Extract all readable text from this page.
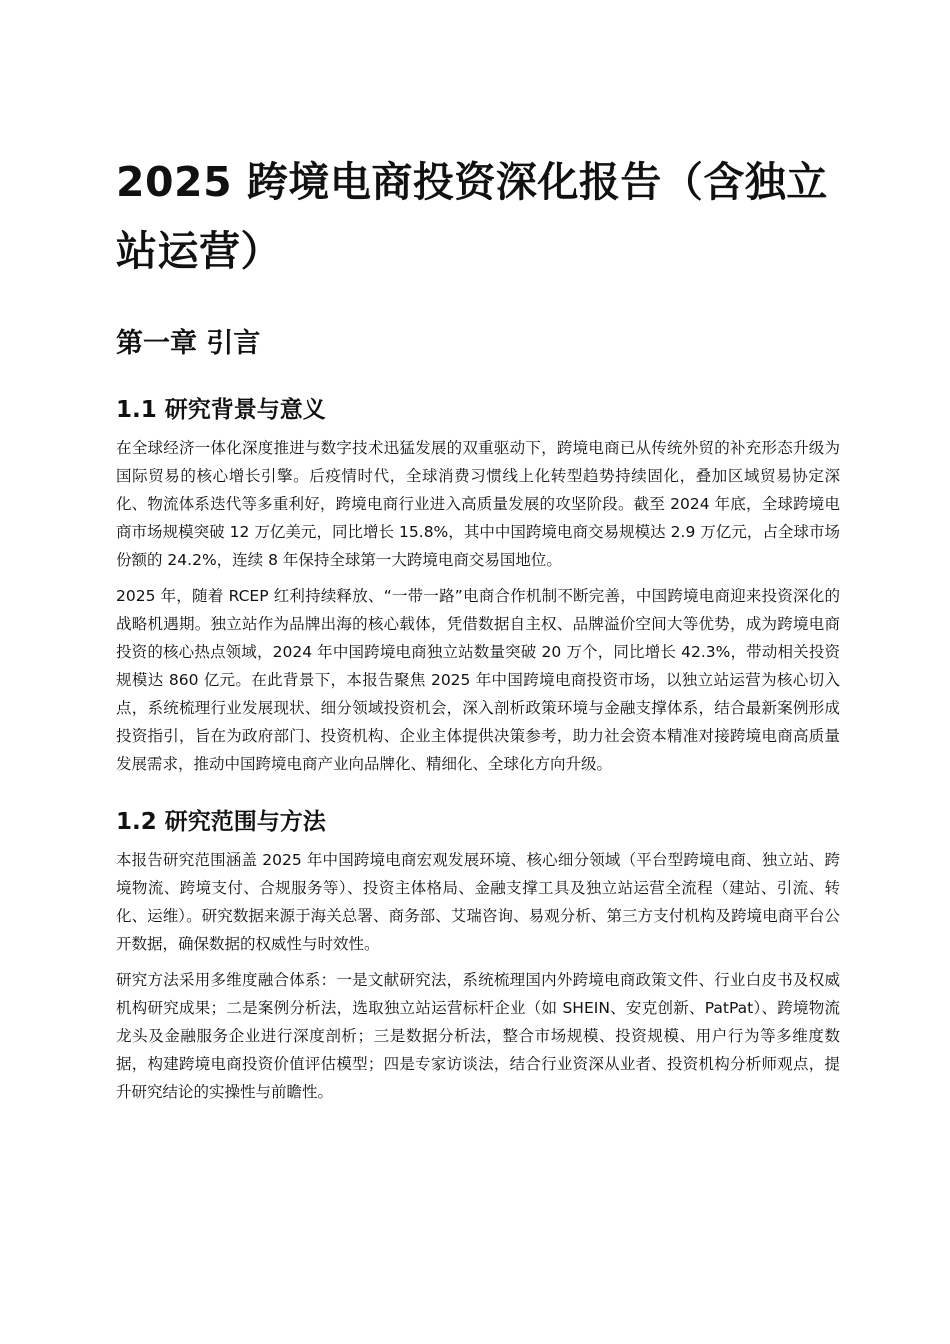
2025 跨境电商投资深化报告（含独立站运营）
第一章 引言
1.1 研究背景与意义

在全球经济一体化深度推进与数字技术迅猛发展的双重驱动下，跨境电商已从传统外贸的补充形态升级为国际贸易的核心增长引擎。后疫情时代，全球消费习惯线上化转型趋势持续固化，叠加区域贸易协定深化、物流体系迭代等多重利好，跨境电商行业进入高质量发展的攻坚阶段。截至 2024 年底，全球跨境电商市场规模突破 12 万亿美元，同比增长 15.8%，其中中国跨境电商交易规模达 2.9 万亿元，占全球市场份额的 24.2%，连续 8 年保持全球第一大跨境电商交易国地位。

2025 年，随着 RCEP 红利持续释放、“一带一路”电商合作机制不断完善，中国跨境电商迎来投资深化的战略机遇期。独立站作为品牌出海的核心载体，凭借数据自主权、品牌溢价空间大等优势，成为跨境电商投资的核心热点领域，2024 年中国跨境电商独立站数量突破 20 万个，同比增长 42.3%，带动相关投资规模达 860 亿元。在此背景下，本报告聚焦 2025 年中国跨境电商投资市场，以独立站运营为核心切入点，系统梳理行业发展现状、细分领域投资机会，深入剖析政策环境与金融支撑体系，结合最新案例形成投资指引，旨在为政府部门、投资机构、企业主体提供决策参考，助力社会资本精准对接跨境电商高质量发展需求，推动中国跨境电商产业向品牌化、精细化、全球化方向升级。

1.2 研究范围与方法

本报告研究范围涵盖 2025 年中国跨境电商宏观发展环境、核心细分领域（平台型跨境电商、独立站、跨境物流、跨境支付、合规服务等）、投资主体格局、金融支撑工具及独立站运营全流程（建站、引流、转化、运维）。研究数据来源于海关总署、商务部、艾瑞咨询、易观分析、第三方支付机构及跨境电商平台公开数据，确保数据的权威性与时效性。

研究方法采用多维度融合体系：一是文献研究法，系统梳理国内外跨境电商政策文件、行业白皮书及权威机构研究成果；二是案例分析法，选取独立站运营标杆企业（如 SHEIN、安克创新、PatPat）、跨境物流龙头及金融服务企业进行深度剖析；三是数据分析法，整合市场规模、投资规模、用户行为等多维度数据，构建跨境电商投资价值评估模型；四是专家访谈法，结合行业资深从业者、投资机构分析师观点，提升研究结论的实操性与前瞻性。
